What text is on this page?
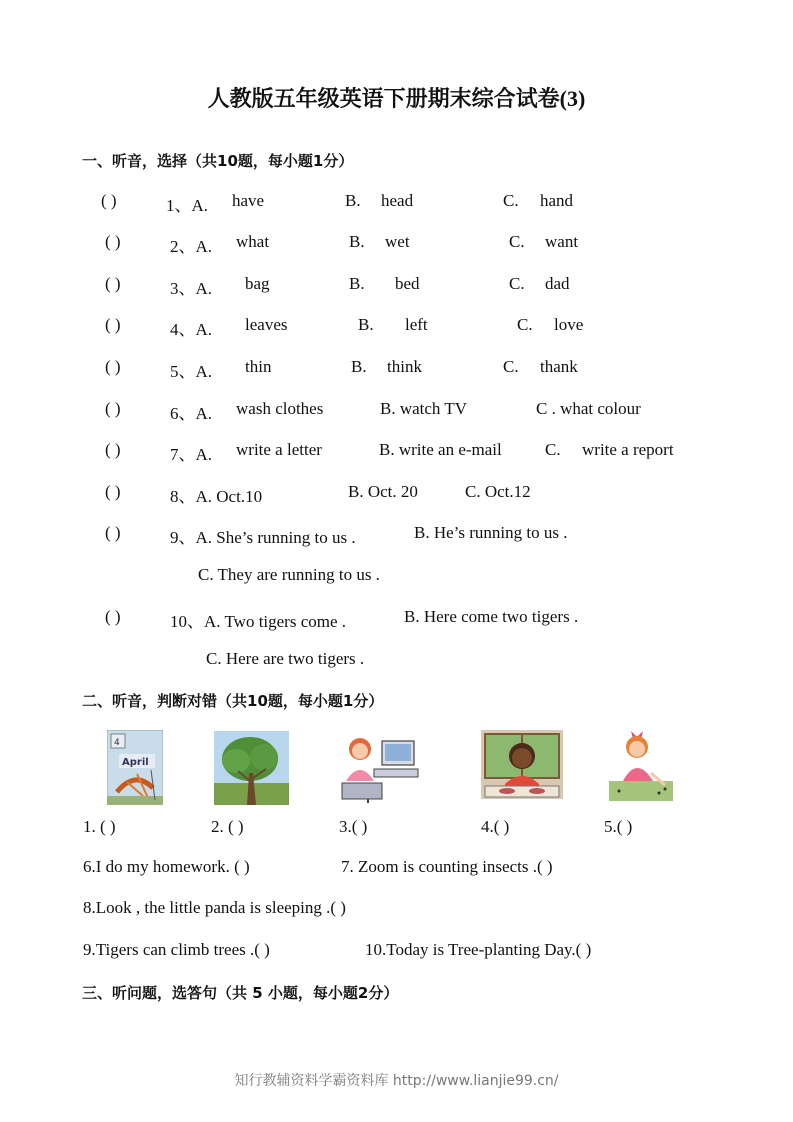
人教版五年级英语下册期末综合试卷(3)
一、听音，选择（共10题，每小题1分）
( )	1、A. have	B. head	C. hand
( )	2、A. what	B. wet	C. want
( )	3、A. bag	B. bed	C. dad
( )	4、A. leaves	B. left	C. love
( )	5、A. thin	B. think	C. thank
( )	6、A. wash clothes	B. watch TV	C . what colour
( )	7、A. write a letter	B. write an e-mail	C. write a report
( )	8、A. Oct.10	B. Oct. 20	C. Oct.12
( )	9、A. She’s running to us .	B. He’s running to us .
C. They are running to us .
( )	10、A. Two tigers come .	B. Here come two tigers .
C. Here are two tigers .
二、听音，判断对错（共10题，每小题1分）
4
April
1. ( )	2. ( )	3.( )	4.( )	5.( )
6.I do my homework. ( )	7. Zoom is counting insects .( )
8.Look , the little panda is sleeping .( )
9.Tigers can climb trees .( )	10.Today is Tree-planting Day.( )
三、听问题，选答句（共 5 小题，每小题2分）
知行教辅资料学霸资料库 http://www.lianjie99.cn/
